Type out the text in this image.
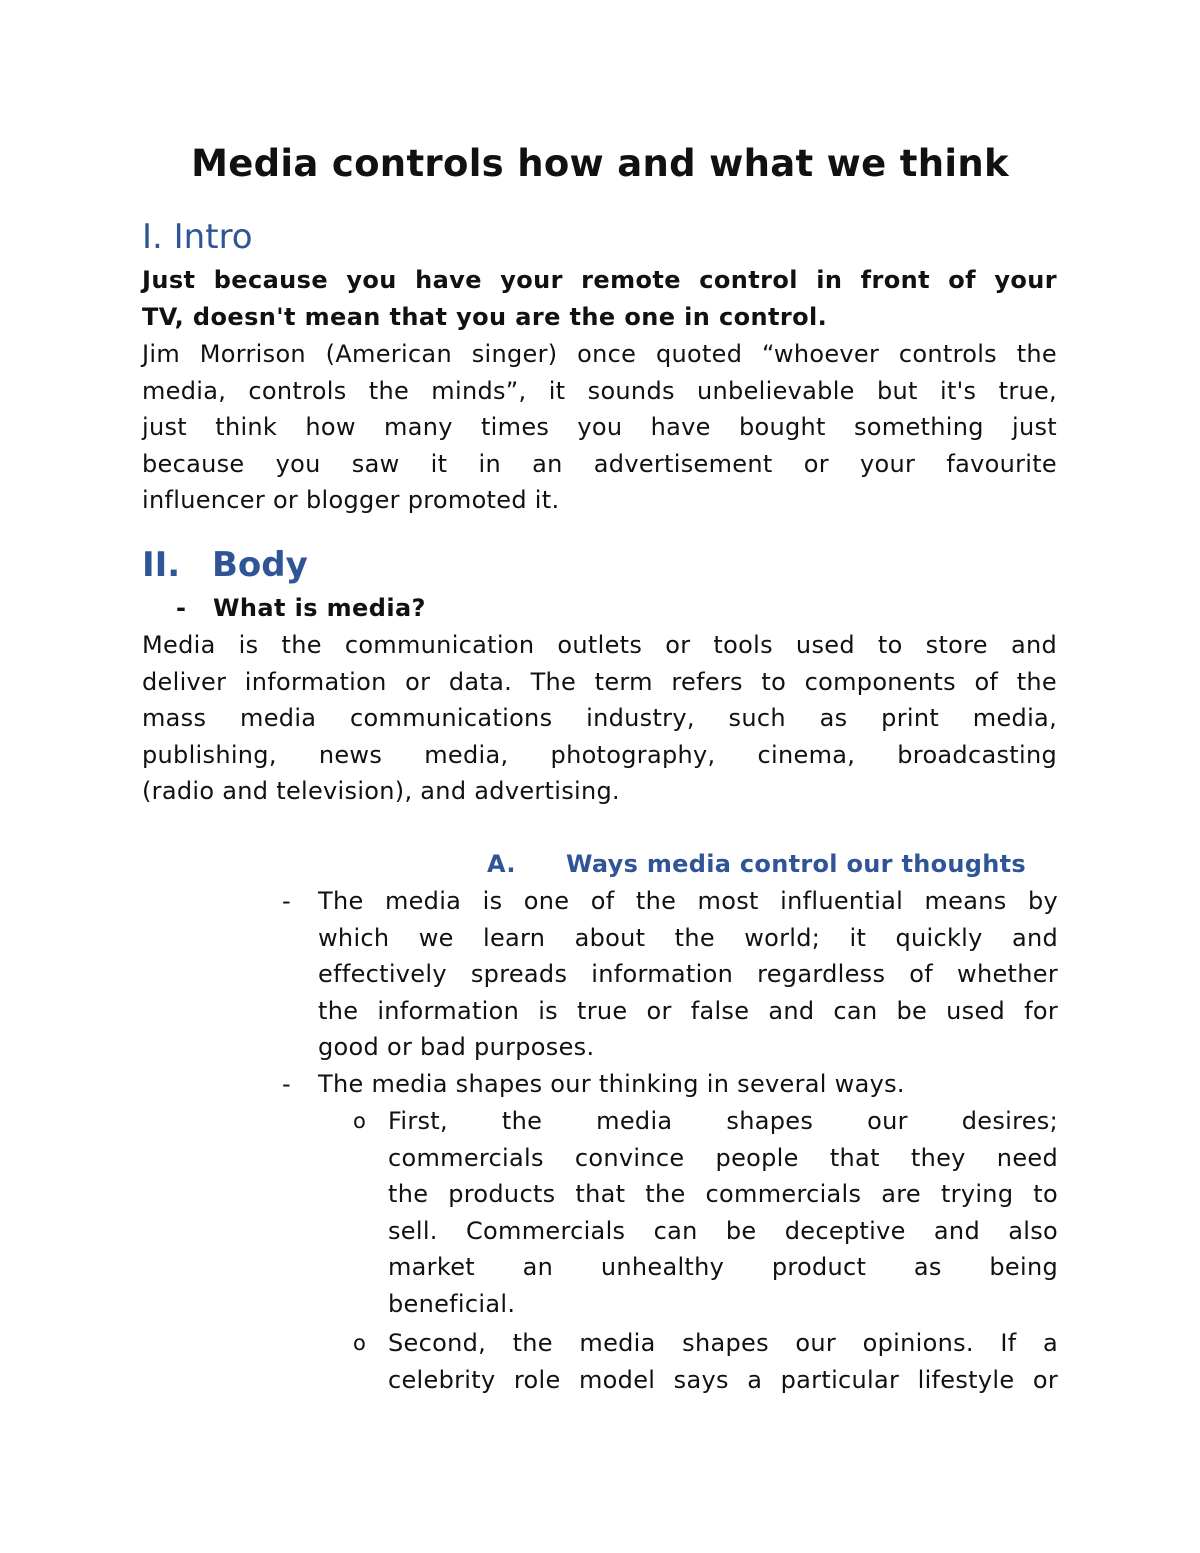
Media controls how and what we think
I. Intro
Just because you have your remote control in front of your
TV, doesn't mean that you are the one in control.
Jim Morrison (American singer) once quoted “whoever controls the
media, controls the minds”, it sounds unbelievable but it's true,
just think how many times you have bought something just
because you saw it in an advertisement or your favourite
influencer or blogger promoted it.
II. Body

- What is media?

Media is the communication outlets or tools used to store and
deliver information or data. The term refers to components of the
mass media communications industry, such as print media,
publishing, news media, photography, cinema, broadcasting
(radio and television), and advertising.

A. Ways media control our thoughts

-	The media is one of the most influential means by
which we learn about the world; it quickly and
effectively spreads information regardless of whether
the information is true or false and can be used for
good or bad purposes.
-	The media shapes our thinking in several ways.
o First, the media shapes our desires;
commercials convince people that they need
the products that the commercials are trying to
sell. Commercials can be deceptive and also
market an unhealthy product as being
beneficial.
o Second, the media shapes our opinions. If a
celebrity role model says a particular lifestyle or
